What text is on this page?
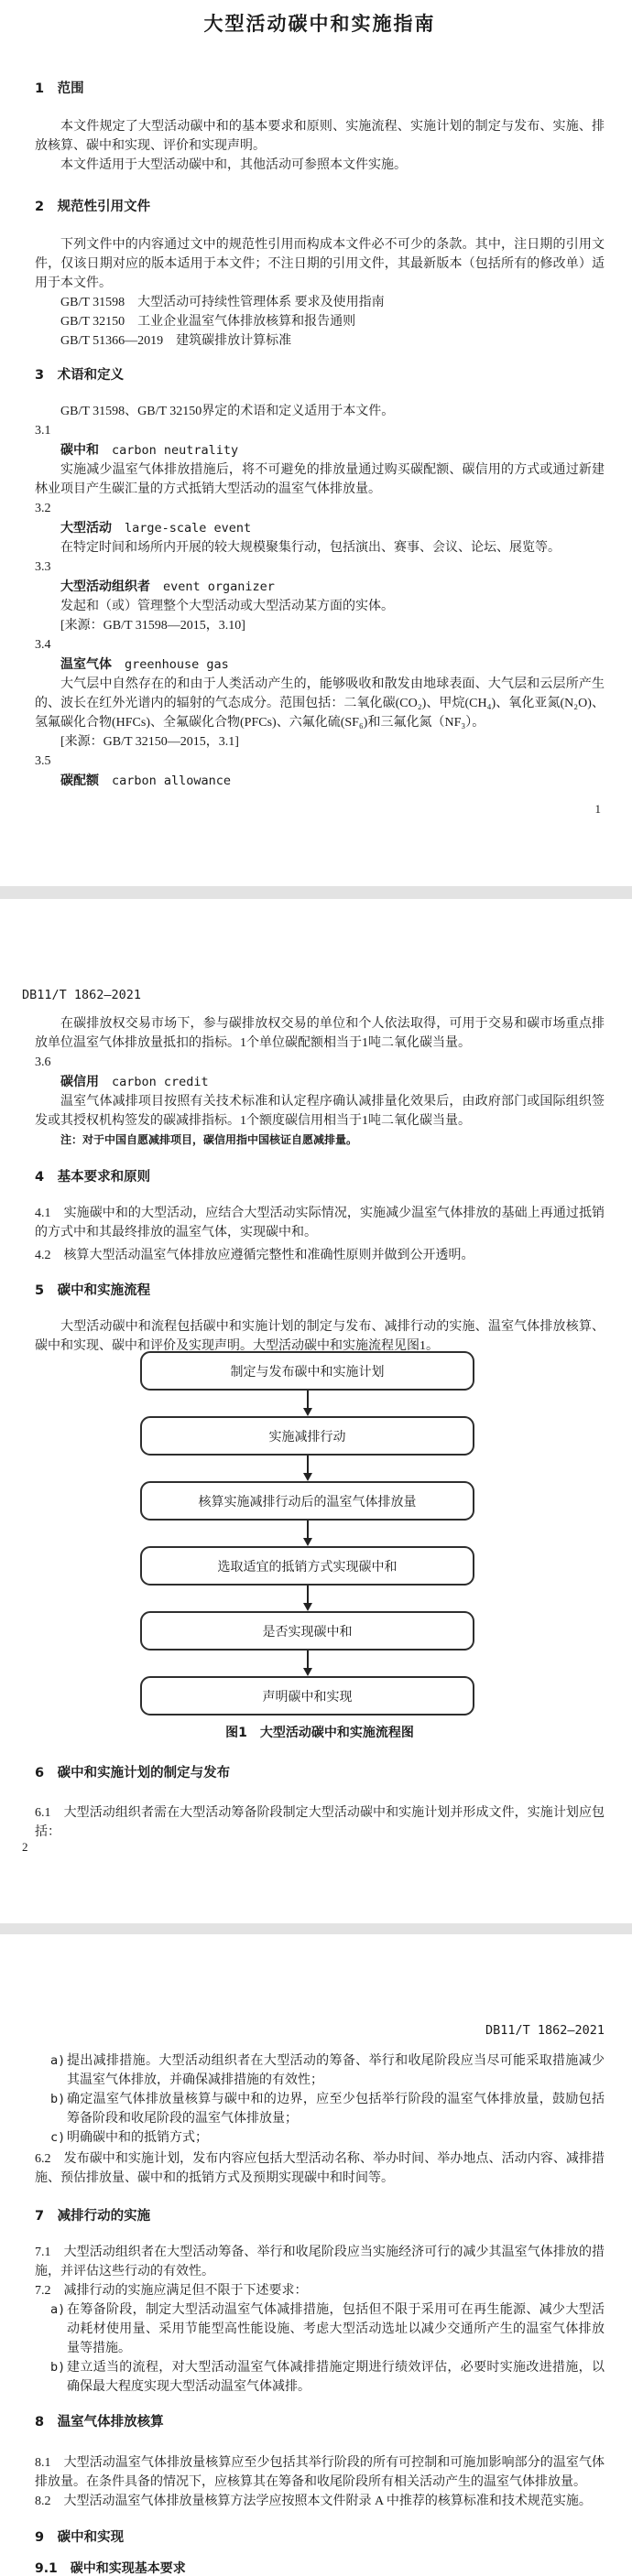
大型活动碳中和实施指南
1　范围

本文件规定了大型活动碳中和的基本要求和原则、实施流程、实施计划的制定与发布、实施、排放核算、碳中和实现、评价和实现声明。

本文件适用于大型活动碳中和，其他活动可参照本文件实施。

2　规范性引用文件

下列文件中的内容通过文中的规范性引用而构成本文件必不可少的条款。其中，注日期的引用文件，仅该日期对应的版本适用于本文件；不注日期的引用文件，其最新版本（包括所有的修改单）适用于本文件。

GB/T 31598　大型活动可持续性管理体系 要求及使用指南

GB/T 32150　工业企业温室气体排放核算和报告通则

GB/T 51366—2019　建筑碳排放计算标准

3　术语和定义

GB/T 31598、GB/T 32150界定的术语和定义适用于本文件。

3.1

碳中和 carbon neutrality

实施减少温室气体排放措施后，将不可避免的排放量通过购买碳配额、碳信用的方式或通过新建林业项目产生碳汇量的方式抵销大型活动的温室气体排放量。

3.2

大型活动 large-scale event

在特定时间和场所内开展的较大规模聚集行动，包括演出、赛事、会议、论坛、展览等。

3.3

大型活动组织者 event organizer

发起和（或）管理整个大型活动或大型活动某方面的实体。

[来源：GB/T 31598—2015，3.10]

3.4

温室气体 greenhouse gas

大气层中自然存在的和由于人类活动产生的，能够吸收和散发由地球表面、大气层和云层所产生的、波长在红外光谱内的辐射的气态成分。范围包括：二氧化碳(CO₂)、甲烷(CH₄)、氧化亚氮(N₂O)、氢氟碳化合物(HFCs)、全氟碳化合物(PFCs)、六氟化硫(SF₆)和三氟化氮（NF₃）。

[来源：GB/T 32150—2015，3.1]

3.5

碳配额 carbon allowance

1

DB11/T 1862—2021

在碳排放权交易市场下，参与碳排放权交易的单位和个人依法取得，可用于交易和碳市场重点排放单位温室气体排放量抵扣的指标。1个单位碳配额相当于1吨二氧化碳当量。

3.6

碳信用 carbon credit

温室气体减排项目按照有关技术标准和认定程序确认减排量化效果后，由政府部门或国际组织签发或其授权机构签发的碳减排指标。1个额度碳信用相当于1吨二氧化碳当量。

注：对于中国自愿减排项目，碳信用指中国核证自愿减排量。

4　基本要求和原则

4.1　实施碳中和的大型活动，应结合大型活动实际情况，实施减少温室气体排放的基础上再通过抵销的方式中和其最终排放的温室气体，实现碳中和。

4.2　核算大型活动温室气体排放应遵循完整性和准确性原则并做到公开透明。

5　碳中和实施流程

大型活动碳中和流程包括碳中和实施计划的制定与发布、减排行动的实施、温室气体排放核算、碳中和实现、碳中和评价及实现声明。大型活动碳中和实施流程见图1。

制定与发布碳中和实施计划
实施减排行动
核算实施减排行动后的温室气体排放量
选取适宜的抵销方式实现碳中和
是否实现碳中和
声明碳中和实现

图1　大型活动碳中和实施流程图

6　碳中和实施计划的制定与发布

6.1　大型活动组织者需在大型活动筹备阶段制定大型活动碳中和实施计划并形成文件，实施计划应包括：

2

DB11/T 1862—2021

a) 提出减排措施。大型活动组织者在大型活动的筹备、举行和收尾阶段应当尽可能采取措施减少其温室气体排放，并确保减排措施的有效性；
b) 确定温室气体排放量核算与碳中和的边界，应至少包括举行阶段的温室气体排放量，鼓励包括筹备阶段和收尾阶段的温室气体排放量；
c) 明确碳中和的抵销方式；

6.2　发布碳中和实施计划，发布内容应包括大型活动名称、举办时间、举办地点、活动内容、减排措施、预估排放量、碳中和的抵销方式及预期实现碳中和时间等。

7　减排行动的实施

7.1　大型活动组织者在大型活动筹备、举行和收尾阶段应当实施经济可行的减少其温室气体排放的措施，并评估这些行动的有效性。

7.2　减排行动的实施应满足但不限于下述要求：

a) 在筹备阶段，制定大型活动温室气体减排措施，包括但不限于采用可在再生能源、减少大型活动耗材使用量、采用节能型高性能设施、考虑大型活动选址以减少交通所产生的温室气体排放量等措施。
b) 建立适当的流程，对大型活动温室气体减排措施定期进行绩效评估，必要时实施改进措施，以确保最大程度实现大型活动温室气体减排。
8　温室气体排放核算

8.1　大型活动温室气体排放量核算应至少包括其举行阶段的所有可控制和可施加影响部分的温室气体排放量。在条件具备的情况下，应核算其在筹备和收尾阶段所有相关活动产生的温室气体排放量。

8.2　大型活动温室气体排放量核算方法学应按照本文件附录 A 中推荐的核算标准和技术规范实施。

9　碳中和实现

9.1　碳中和实现基本要求
